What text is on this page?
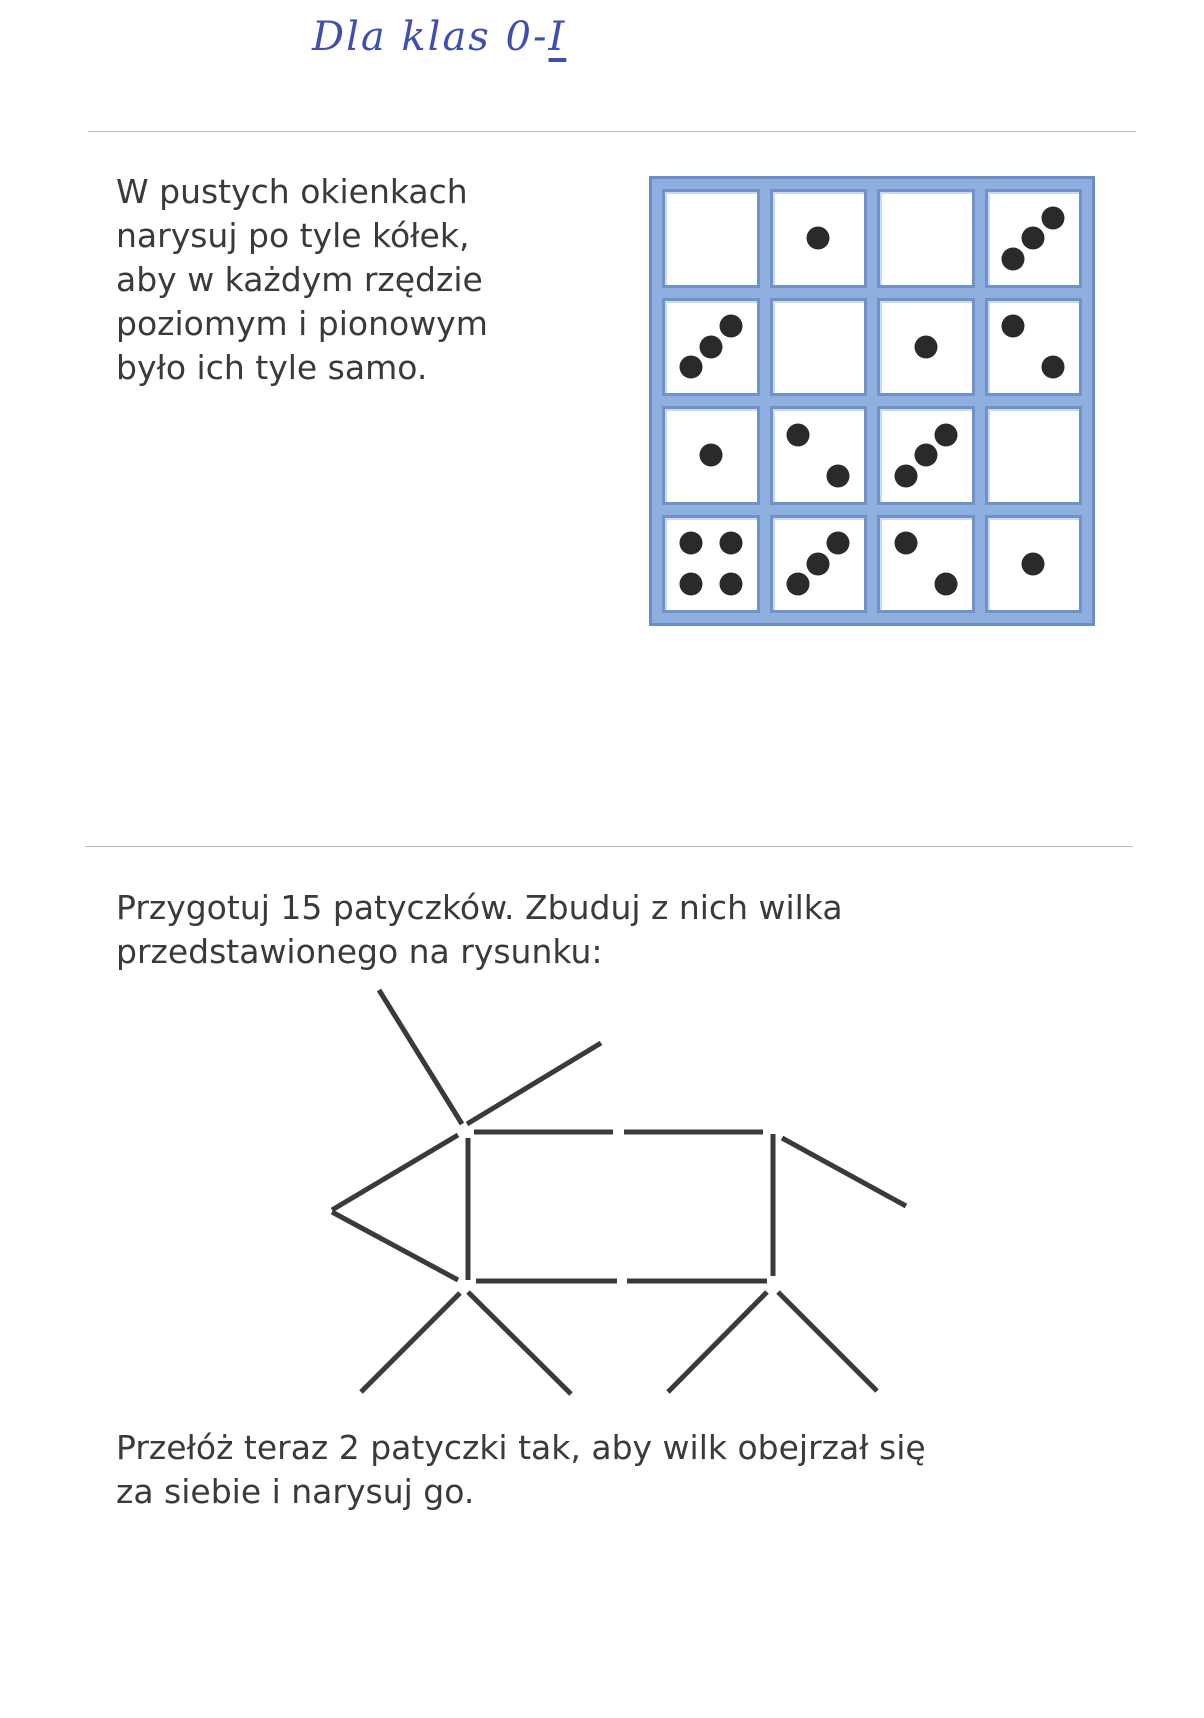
Dla klas 0-I

W pustych okienkach
narysuj po tyle kółek,
aby w każdym rzędzie
poziomym i pionowym
było ich tyle samo.

Przygotuj 15 patyczków. Zbuduj z nich wilka
przedstawionego na rysunku:

Przełóż teraz 2 patyczki tak, aby wilk obejrzał się
za siebie i narysuj go.
